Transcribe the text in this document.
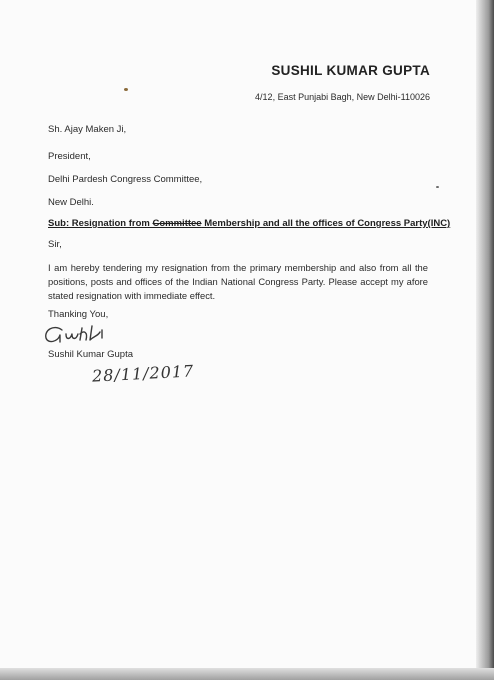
SUSHIL KUMAR GUPTA
4/12, East Punjabi Bagh, New Delhi-110026
Sh. Ajay Maken Ji,
President,
Delhi Pardesh Congress Committee,
New Delhi.
Sub: Resignation from Committee Membership and all the offices of Congress Party(INC)
Sir,
I am hereby tendering my resignation from the primary membership and also from all the positions, posts and offices of the Indian National Congress Party. Please accept my afore stated resignation with immediate effect.
Thanking You,
Sushil Kumar Gupta
28/11/2017
